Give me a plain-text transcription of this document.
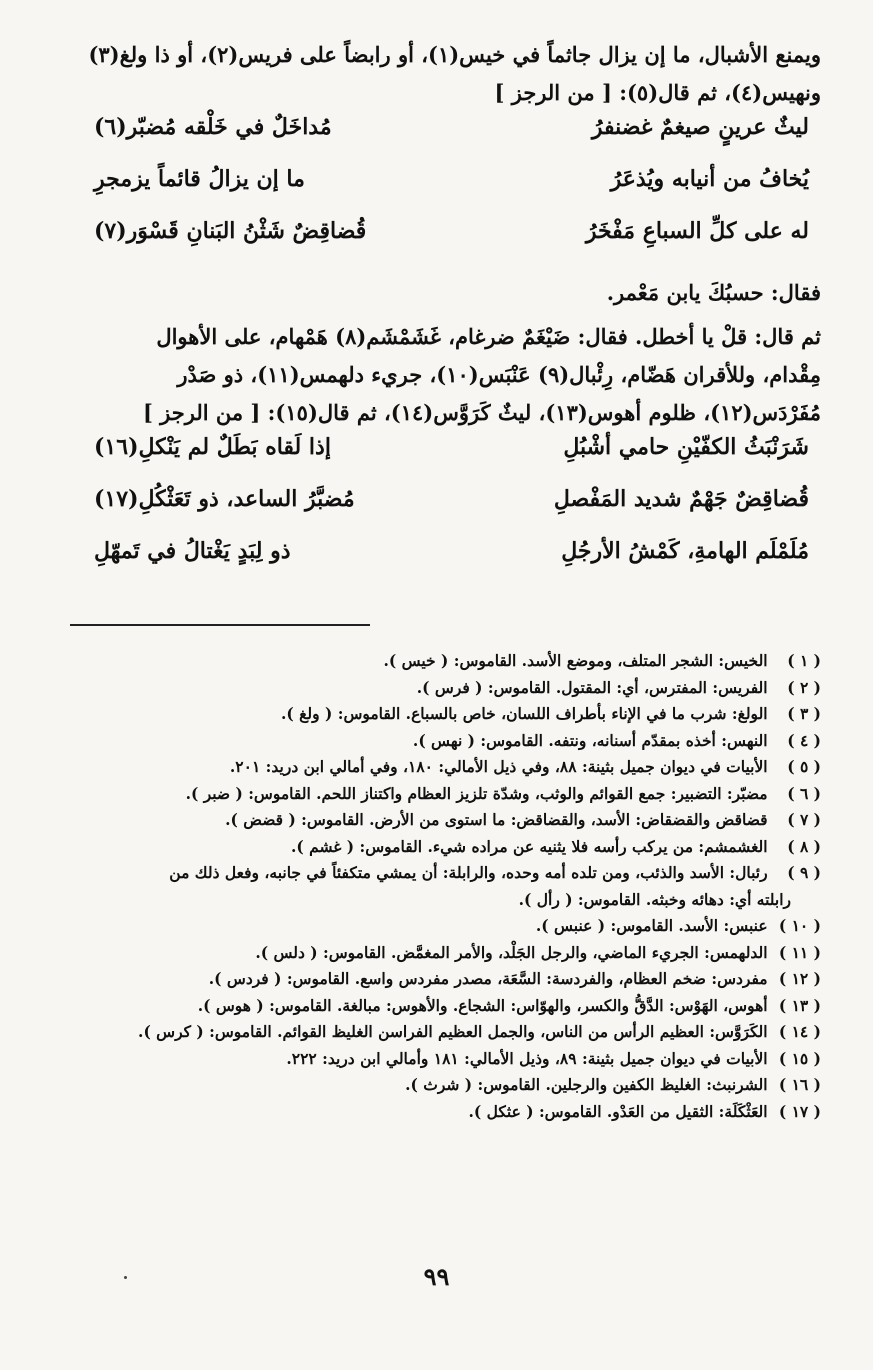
ويمنع الأشبال، ما إن يزال جاثماً في خيس(١)، أو رابضاً على فريس(٢)، أو ذا ولغ(٣)
ونهيس(٤)، ثم قال(٥): [ من الرجز ]
ليثٌ عرينٍ صيغمٌ غضنفرُ
مُداخَلٌ في خَلْقه مُضبّر(٦)
يُخافُ من أنيابه ويُذعَرُ
ما إن يزالُ قائماً يزمجرِ
له على كلِّ السباعِ مَفْخَرُ
قُضاقِضٌ شَثْنُ البَنانِ قَسْوَر(٧)
فقال: حسبُكَ يابن مَعْمر.
ثم قال: قلْ يا أخطل. فقال: ضَيْغَمٌ ضرغام، غَشَمْشَم(٨) هَمْهام، على الأهوال
مِقْدام، وللأقران هَضّام، رِئْبال(٩) عَنْبَس(١٠)، جريء دلهمس(١١)، ذو صَدْر
مُفَرْدَس(١٢)، ظلوم أهوس(١٣)، ليثٌ كَرَوَّس(١٤)، ثم قال(١٥): [ من الرجز ]
شَرَنْبَثُ الكفّيْنِ حامي أشْبُلِ
إذا لَقاه بَطَلٌ لم يَنْكلِ(١٦)
قُضاقِضٌ جَهْمٌ شديد المَفْصلِ
مُضبَّرُ الساعد، ذو تَعَثْكُلِ(١٧)
مُلَمْلَم الهامةِ، كَمْشُ الأرجُلِ
ذو لِبَدٍ يَغْتالُ في تَمهّلِ
( ١ ) الخيس: الشجر المتلف، وموضع الأسد. القاموس: ( خيس ).
( ٢ ) الفريس: المفترس، أي: المقتول. القاموس: ( فرس ).
( ٣ ) الولغ: شرب ما في الإناء بأطراف اللسان، خاص بالسباع. القاموس: ( ولغ ).
( ٤ ) النهس: أخذه بمقدّم أسنانه، ونتفه. القاموس: ( نهس ).
( ٥ ) الأبيات في ديوان جميل بثينة: ٨٨، وفي ذيل الأمالي: ١٨٠، وفي أمالي ابن دريد: ٢٠١.
( ٦ ) مضبّر: التضبير: جمع القوائم والوثب، وشدّة تلزيز العظام واكتناز اللحم. القاموس: ( ضبر ).
( ٧ ) قضاقض والقضقاض: الأسد، والقضاقض: ما استوى من الأرض. القاموس: ( قضض ).
( ٨ ) الغشمشم: من يركب رأسه فلا يثنيه عن مراده شيء. القاموس: ( غشم ).
( ٩ ) رئبال: الأسد والذئب، ومن تلده أمه وحده، والرابلة: أن يمشي متكفئاً في جانبه، وفعل ذلك من
رابلته أي: دهائه وخبثه. القاموس: ( رأل ).
( ١٠ ) عنبس: الأسد. القاموس: ( عنبس ).
( ١١ ) الدلهمس: الجريء الماضي، والرجل الجَلْد، والأمر المغمَّض. القاموس: ( دلس ).
( ١٢ ) مفردس: ضخم العظام، والفردسة: السَّعَة، مصدر مفردس واسع. القاموس: ( فردس ).
( ١٣ ) أهوس، الهَوْس: الدَّقُّ والكسر، والهوّاس: الشجاع. والأهوس: مبالغة. القاموس: ( هوس ).
( ١٤ ) الكَرَوَّس: العظيم الرأس من الناس، والجمل العظيم الفراسن الغليظ القوائم. القاموس: ( كرس ).
( ١٥ ) الأبيات في ديوان جميل بثينة: ٨٩، وذيل الأمالي: ١٨١ وأمالي ابن دريد: ٢٢٢.
( ١٦ ) الشرنبث: الغليظ الكفين والرجلين. القاموس: ( شرث ).
( ١٧ ) العَثْكَلَة: الثقيل من العَدْو. القاموس: ( عثكل ).
٩٩
